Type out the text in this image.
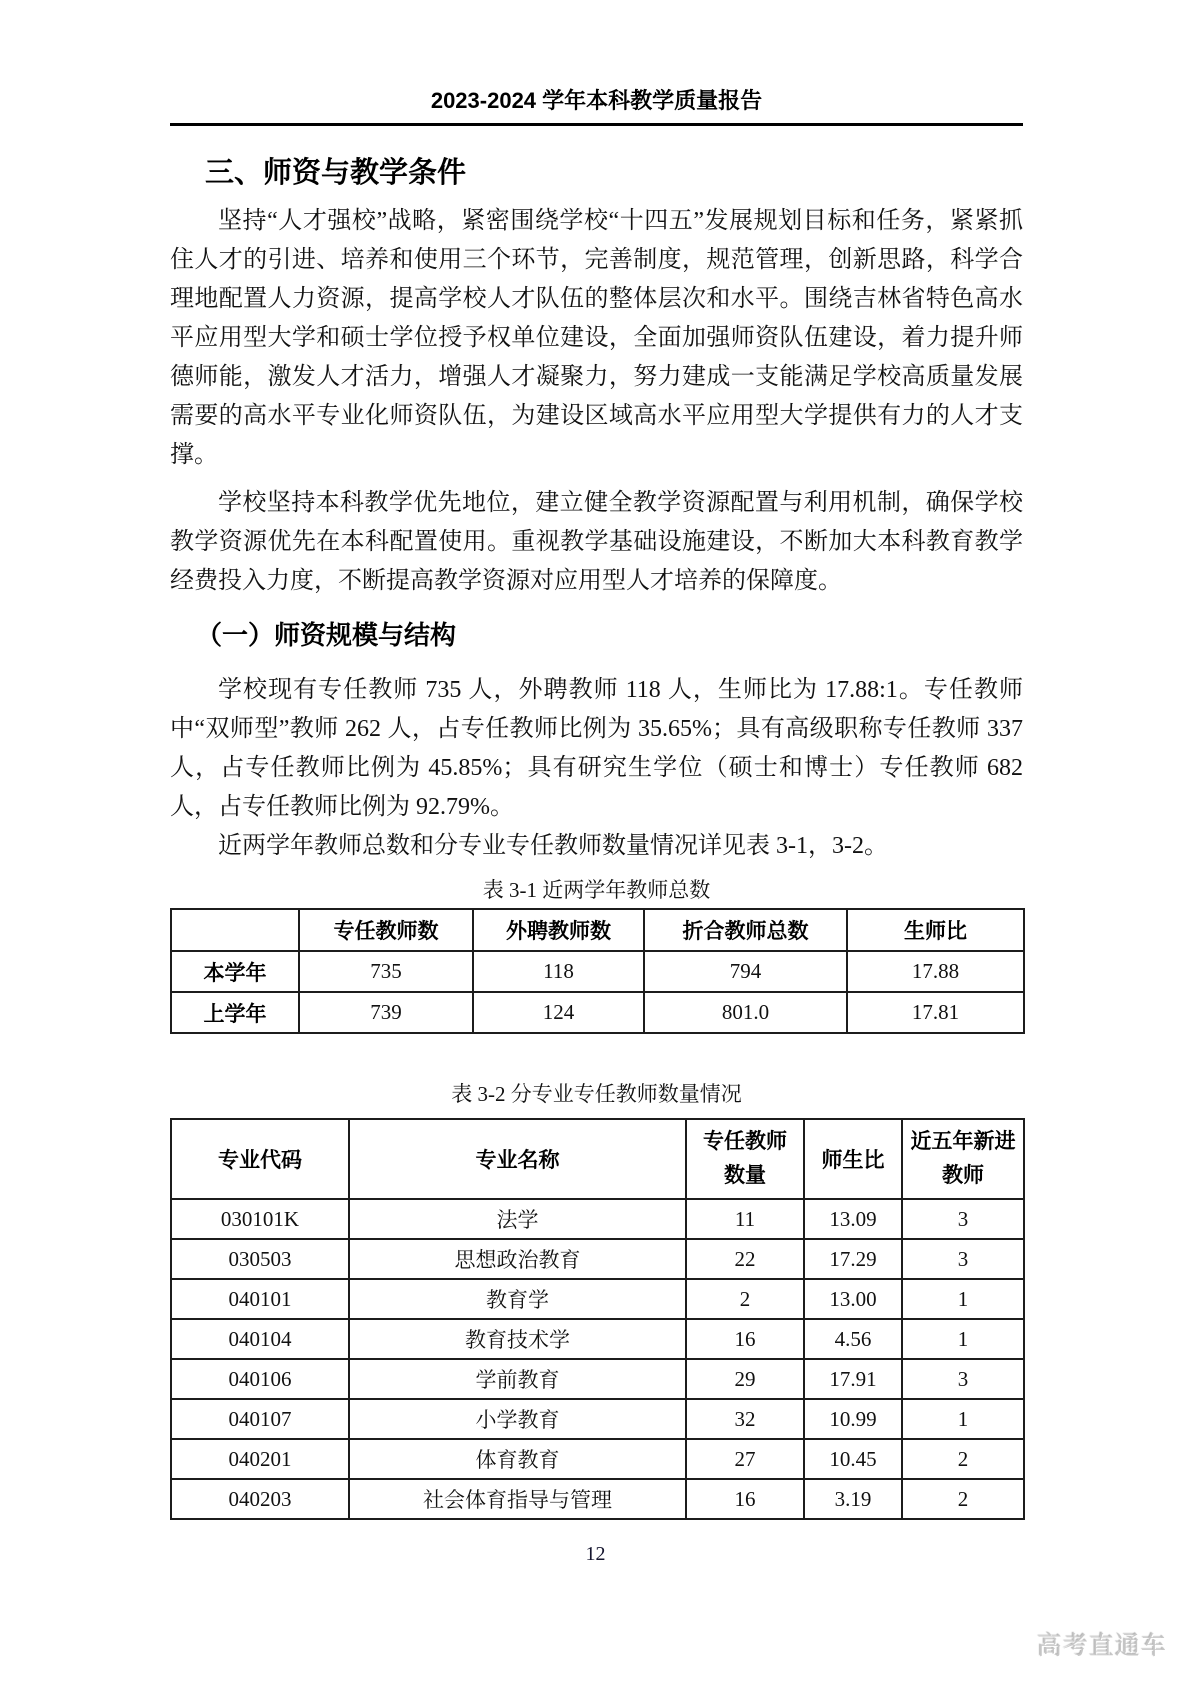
2023-2024 学年本科教学质量报告
三、师资与教学条件

坚持“人才强校”战略，紧密围绕学校“十四五”发展规划目标和任务，紧紧抓住人才的引进、培养和使用三个环节，完善制度，规范管理，创新思路，科学合理地配置人力资源，提高学校人才队伍的整体层次和水平。围绕吉林省特色高水平应用型大学和硕士学位授予权单位建设，全面加强师资队伍建设，着力提升师德师能，激发人才活力，增强人才凝聚力，努力建成一支能满足学校高质量发展需要的高水平专业化师资队伍，为建设区域高水平应用型大学提供有力的人才支撑。

学校坚持本科教学优先地位，建立健全教学资源配置与利用机制，确保学校教学资源优先在本科配置使用。重视教学基础设施建设，不断加大本科教育教学经费投入力度，不断提高教学资源对应用型人才培养的保障度。

（一）师资规模与结构

学校现有专任教师 735 人，外聘教师 118 人，生师比为 17.88:1。专任教师中“双师型”教师 262 人，占专任教师比例为 35.65%；具有高级职称专任教师 337 人，占专任教师比例为 45.85%；具有研究生学位（硕士和博士）专任教师 682 人，占专任教师比例为 92.79%。

近两学年教师总数和分专业专任教师数量情况详见表 3-1，3-2。

表 3-1 近两学年教师总数
	专任教师数	外聘教师数	折合教师总数	生师比
本学年	735	118	794	17.88
上学年	739	124	801.0	17.81
表 3-2 分专业专任教师数量情况
专业代码	专业名称	专任教师数量	师生比	近五年新进教师
030101K	法学	11	13.09	3
030503	思想政治教育	22	17.29	3
040101	教育学	2	13.00	1
040104	教育技术学	16	4.56	1
040106	学前教育	29	17.91	3
040107	小学教育	32	10.99	1
040201	体育教育	27	10.45	2
040203	社会体育指导与管理	16	3.19	2
12
高考直通车
